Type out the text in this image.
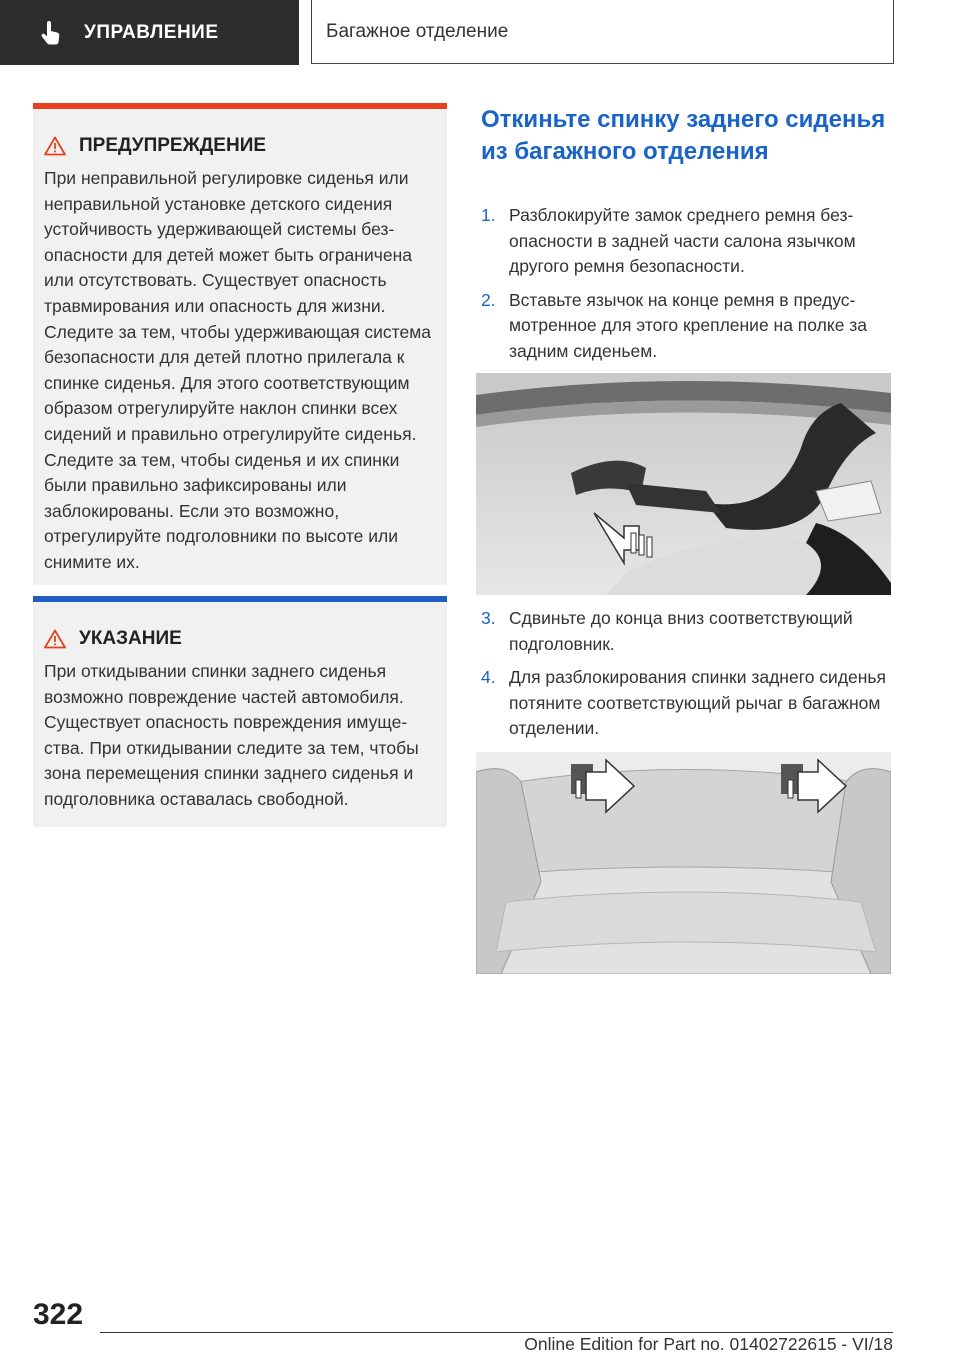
УПРАВЛЕНИЕ	Багажное отделение
ПРЕДУПРЕЖДЕНИЕ
При неправильной регулировке сиденья или неправильной установке детского сидения устойчивость удерживающей системы безопасности для детей может быть ограничена или отсутствовать. Существует опасность травмирования или опасность для жизни. Следите за тем, чтобы удерживающая система безопасности для детей плотно прилегала к спинке сиденья. Для этого соответствующим образом отрегулируйте наклон спинки всех сидений и правильно отрегулируйте сиденья. Следите за тем, чтобы сиденья и их спинки были правильно зафиксированы или заблокированы. Если это возможно, отрегулируйте подголовники по высоте или снимите их.
УКАЗАНИЕ
При откидывании спинки заднего сиденья возможно повреждение частей автомобиля. Существует опасность повреждения имущества. При откидывании следите за тем, чтобы зона перемещения спинки заднего сиденья и подголовника оставалась свободной.
Откиньте спинку заднего сиденья из багажного отделения
1. Разблокируйте замок среднего ремня безопасности в задней части салона язычком другого ремня безопасности.
2. Вставьте язычок на конце ремня в предусмотренное для этого крепление на полке за задним сиденьем.
3. Сдвиньте до конца вниз соответствующий подголовник.
4. Для разблокирования спинки заднего сиденья потяните соответствующий рычаг в багажном отделении.
322
Online Edition for Part no. 01402722615 - VI/18
